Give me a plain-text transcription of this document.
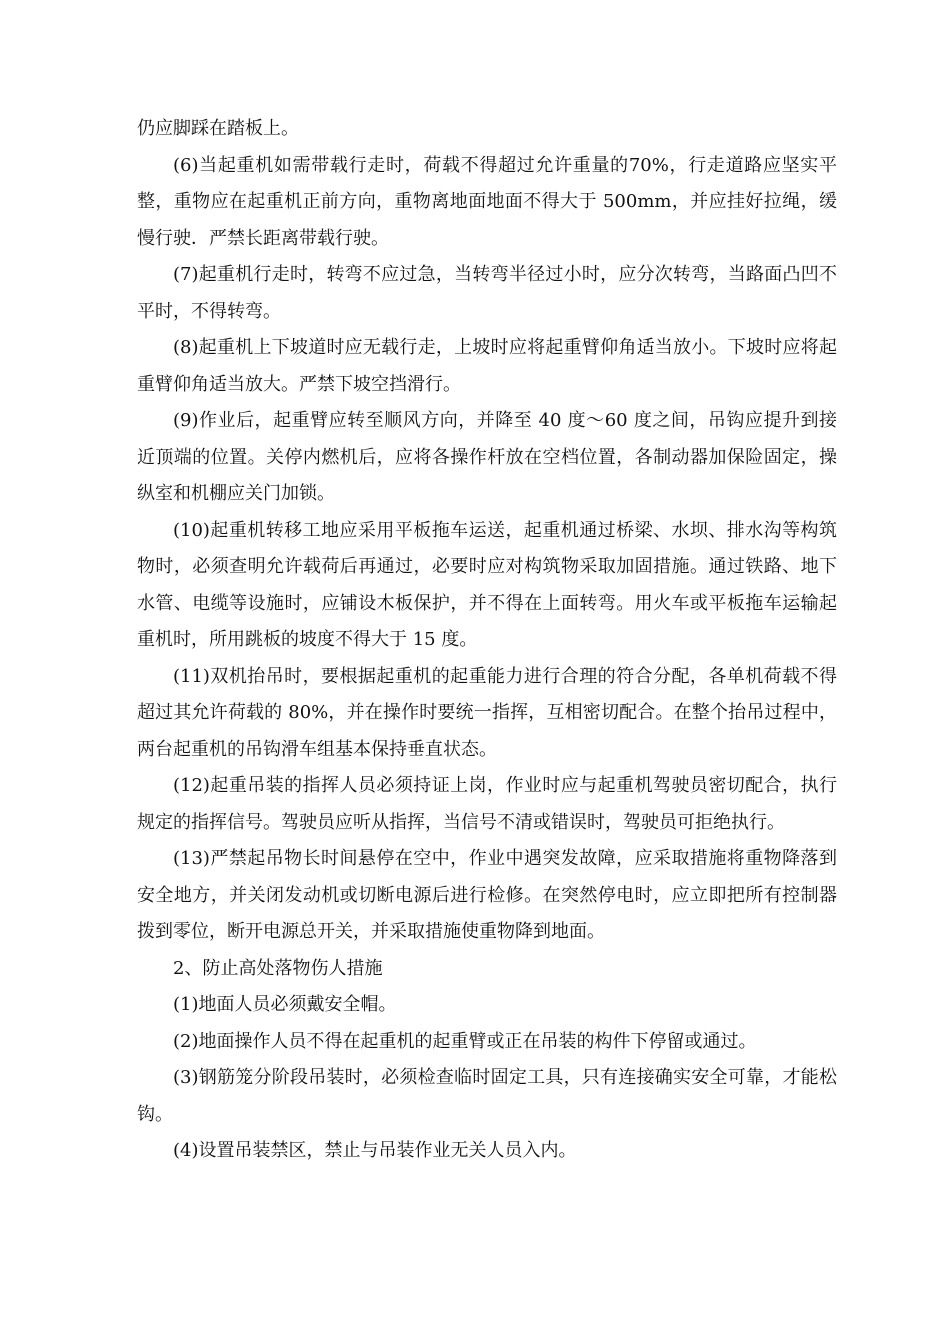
仍应脚踩在踏板上。

(6)当起重机如需带载行走时，荷载不得超过允许重量的70%，行走道路应坚实平整，重物应在起重机正前方向，重物离地面地面不得大于 500mm，并应挂好拉绳，缓慢行驶．严禁长距离带载行驶。

(7)起重机行走时，转弯不应过急，当转弯半径过小时，应分次转弯，当路面凸凹不平时，不得转弯。

(8)起重机上下坡道时应无载行走，上坡时应将起重臂仰角适当放小。下坡时应将起重臂仰角适当放大。严禁下坡空挡滑行。

(9)作业后，起重臂应转至顺风方向，并降至 40 度～60 度之间，吊钩应提升到接近顶端的位置。关停内燃机后，应将各操作杆放在空档位置，各制动器加保险固定，操纵室和机棚应关门加锁。

(10)起重机转移工地应采用平板拖车运送，起重机通过桥梁、水坝、排水沟等构筑物时，必须查明允许载荷后再通过，必要时应对构筑物采取加固措施。通过铁路、地下水管、电缆等设施时，应铺设木板保护，并不得在上面转弯。用火车或平板拖车运输起重机时，所用跳板的坡度不得大于 15 度。

(11)双机抬吊时，要根据起重机的起重能力进行合理的符合分配，各单机荷载不得超过其允许荷载的 80%，并在操作时要统一指挥，互相密切配合。在整个抬吊过程中，两台起重机的吊钩滑车组基本保持垂直状态。

(12)起重吊装的指挥人员必须持证上岗，作业时应与起重机驾驶员密切配合，执行规定的指挥信号。驾驶员应听从指挥，当信号不清或错误时，驾驶员可拒绝执行。

(13)严禁起吊物长时间悬停在空中，作业中遇突发故障，应采取措施将重物降落到安全地方，并关闭发动机或切断电源后进行检修。在突然停电时，应立即把所有控制器拨到零位，断开电源总开关，并采取措施使重物降到地面。

2、防止高处落物伤人措施

(1)地面人员必须戴安全帽。

(2)地面操作人员不得在起重机的起重臂或正在吊装的构件下停留或通过。

(3)钢筋笼分阶段吊装时，必须检查临时固定工具，只有连接确实安全可靠，才能松钩。

(4)设置吊装禁区，禁止与吊装作业无关人员入内。
